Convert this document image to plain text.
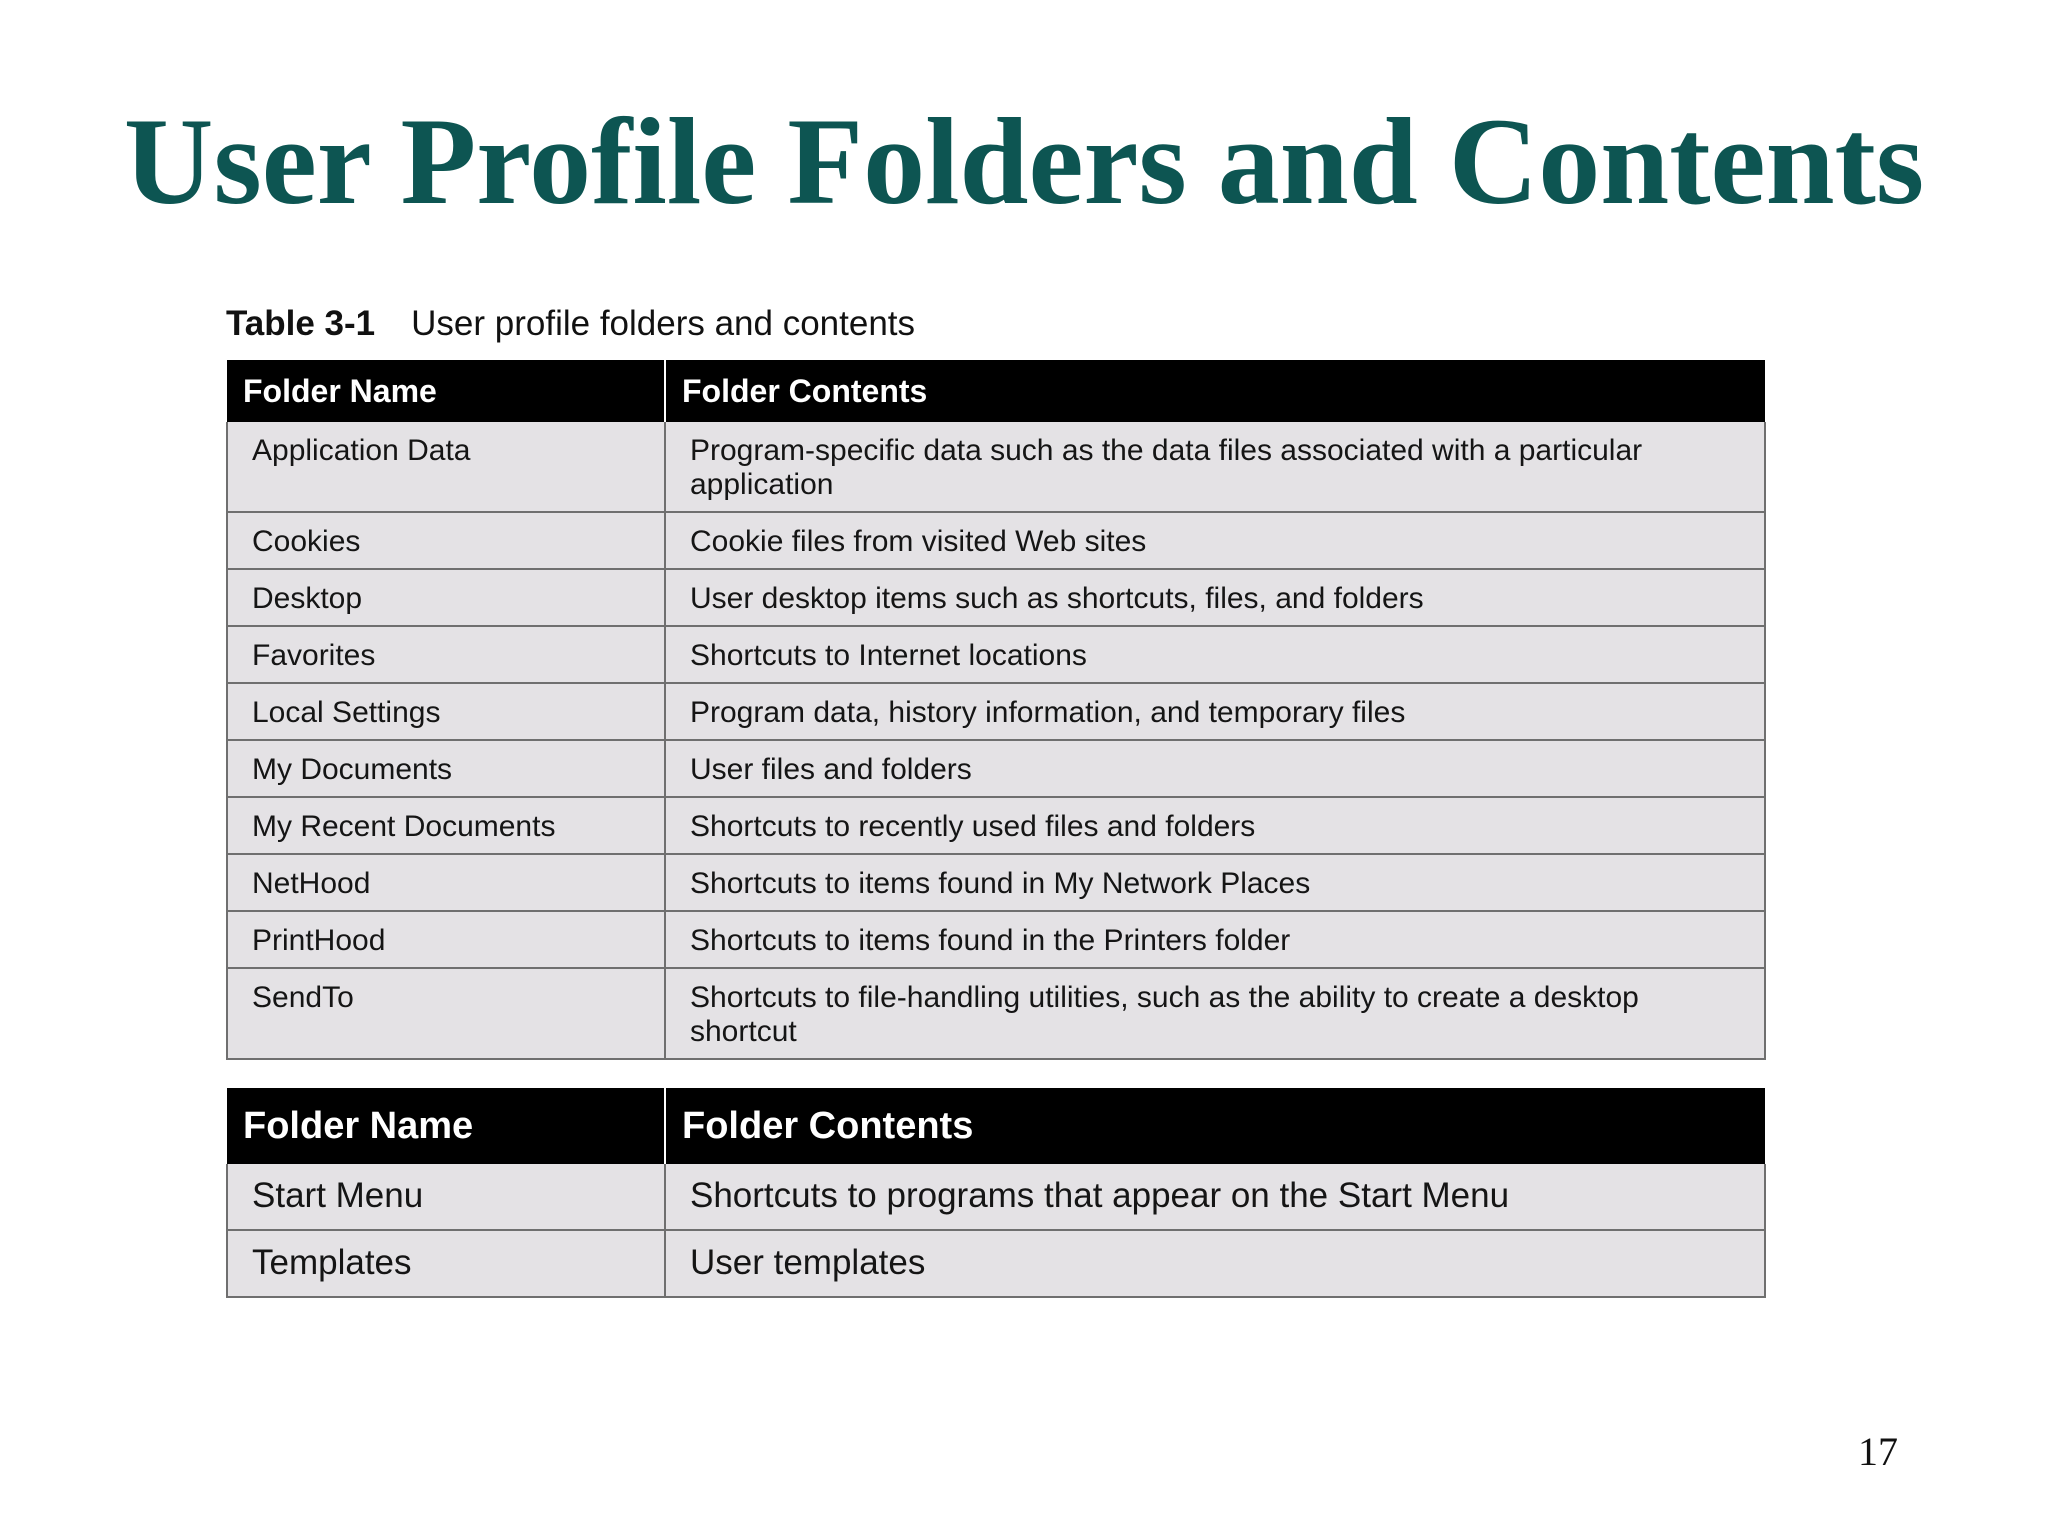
User Profile Folders and Contents
Table 3-1 User profile folders and contents
Folder Name	Folder Contents
Application Data	Program-specific data such as the data files associated with a particular application
Cookies	Cookie files from visited Web sites
Desktop	User desktop items such as shortcuts, files, and folders
Favorites	Shortcuts to Internet locations
Local Settings	Program data, history information, and temporary files
My Documents	User files and folders
My Recent Documents	Shortcuts to recently used files and folders
NetHood	Shortcuts to items found in My Network Places
PrintHood	Shortcuts to items found in the Printers folder
SendTo	Shortcuts to file-handling utilities, such as the ability to create a desktop shortcut
Folder Name	Folder Contents
Start Menu	Shortcuts to programs that appear on the Start Menu
Templates	User templates
17
